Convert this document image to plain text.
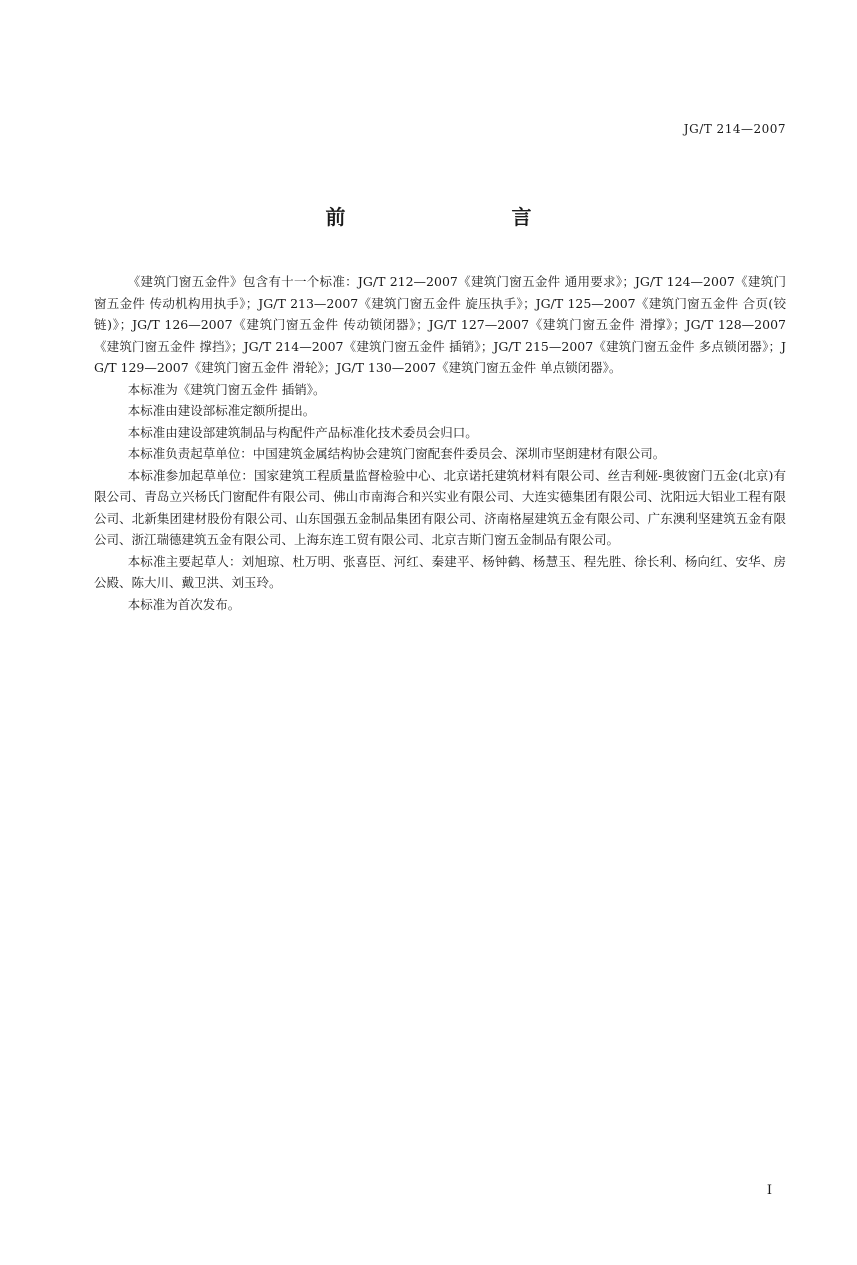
JG/T 214—2007
前　　言

《建筑门窗五金件》包含有十一个标准：JG/T 212—2007《建筑门窗五金件 通用要求》；JG/T 124—2007《建筑门窗五金件 传动机构用执手》；JG/T 213—2007《建筑门窗五金件 旋压执手》；JG/T 125—2007《建筑门窗五金件 合页(铰链)》；JG/T 126—2007《建筑门窗五金件 传动锁闭器》；JG/T 127—2007《建筑门窗五金件 滑撑》；JG/T 128—2007《建筑门窗五金件 撑挡》；JG/T 214—2007《建筑门窗五金件 插销》；JG/T 215—2007《建筑门窗五金件 多点锁闭器》；JG/T 129—2007《建筑门窗五金件 滑轮》；JG/T 130—2007《建筑门窗五金件 单点锁闭器》。

本标准为《建筑门窗五金件 插销》。

本标准由建设部标准定额所提出。

本标准由建设部建筑制品与构配件产品标准化技术委员会归口。

本标准负责起草单位：中国建筑金属结构协会建筑门窗配套件委员会、深圳市坚朗建材有限公司。

本标准参加起草单位：国家建筑工程质量监督检验中心、北京诺托建筑材料有限公司、丝吉利娅-奥彼窗门五金(北京)有限公司、青岛立兴杨氏门窗配件有限公司、佛山市南海合和兴实业有限公司、大连实德集团有限公司、沈阳远大铝业工程有限公司、北新集团建材股份有限公司、山东国强五金制品集团有限公司、济南格屋建筑五金有限公司、广东澳利坚建筑五金有限公司、浙江瑞德建筑五金有限公司、上海东连工贸有限公司、北京吉斯门窗五金制品有限公司。

本标准主要起草人：刘旭琼、杜万明、张喜臣、河红、秦建平、杨钟鹤、杨慧玉、程先胜、徐长利、杨向红、安华、房公殿、陈大川、戴卫洪、刘玉玲。

本标准为首次发布。

I
